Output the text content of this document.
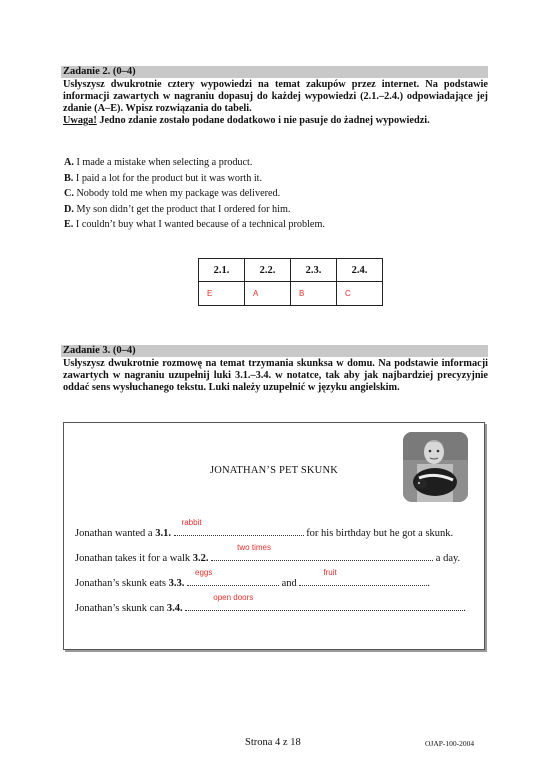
Zadanie 2. (0–4)

Usłyszysz dwukrotnie cztery wypowiedzi na temat zakupów przez internet. Na podstawie informacji zawartych w nagraniu dopasuj do każdej wypowiedzi (2.1.–2.4.) odpowiadające jej zdanie (A–E). Wpisz rozwiązania do tabeli.

Uwaga! Jedno zdanie zostało podane dodatkowo i nie pasuje do żadnej wypowiedzi.

A. I made a mistake when selecting a product.
B. I paid a lot for the product but it was worth it.
C. Nobody told me when my package was delivered.
D. My son didn’t get the product that I ordered for him.
E. I couldn’t buy what I wanted because of a technical problem.
2.1.	2.2.	2.3.	2.4.
E	A	B	C
Zadanie 3. (0–4)

Usłyszysz dwukrotnie rozmowę na temat trzymania skunksa w domu. Na podstawie informacji zawartych w nagraniu uzupełnij luki 3.1.–3.4. w notatce, tak aby jak najbardziej precyzyjnie oddać sens wysłuchanego tekstu. Luki należy uzupełnić w języku angielskim.

JONATHAN’S PET SKUNK
Jonathan wanted a 3.1.
rabbit
for his birthday but he got a skunk.
Jonathan takes it for a walk 3.2.
two times
a day.
Jonathan’s skunk eats 3.3.
eggs
and
fruit
.
Jonathan’s skunk can 3.4.
open doors
.
Strona 4 z 18	OJAP-100-2004
